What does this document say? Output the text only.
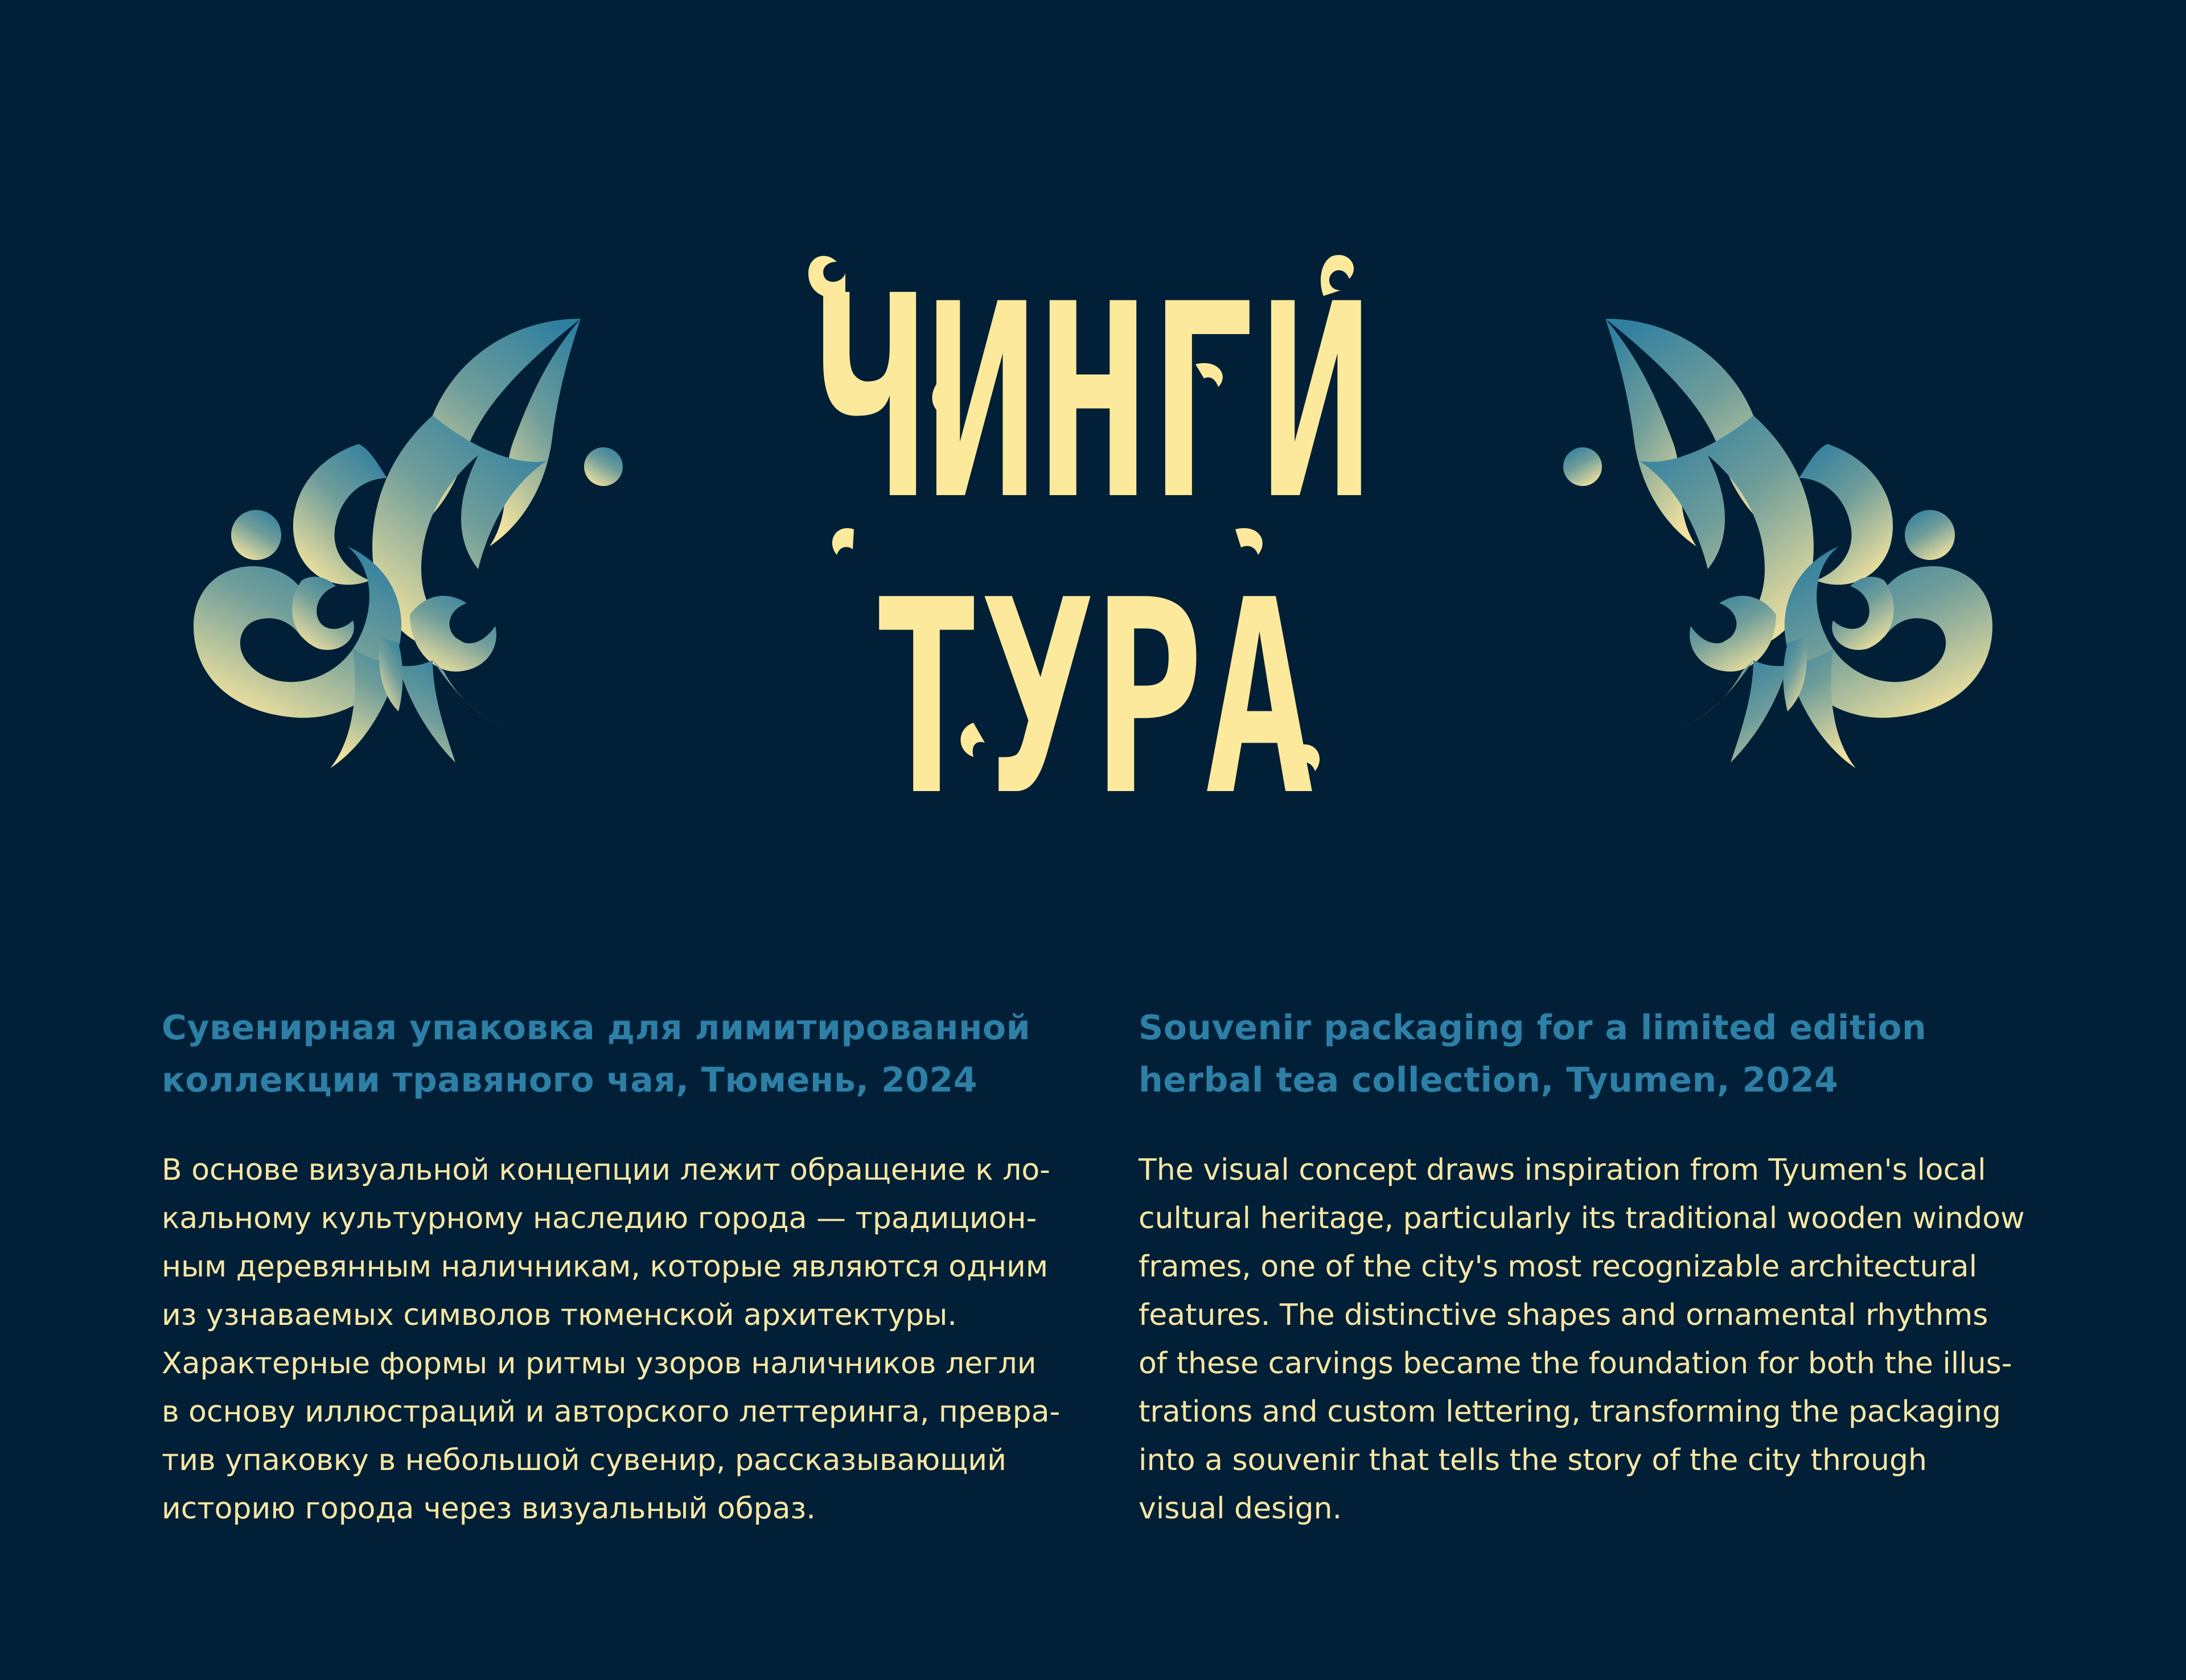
ЧИНГИ
ТУРА
Сувенирная упаковка для лимитированной
коллекции травяного чая, Тюмень, 2024

В основе визуальной концепции лежит обращение к ло-
кальному культурному наследию города — традицион-
ным деревянным наличникам, которые являются одним
из узнаваемых символов тюменской архитектуры.
Характерные формы и ритмы узоров наличников легли
в основу иллюстраций и авторского леттеринга, превра-
тив упаковку в небольшой сувенир, рассказывающий
историю города через визуальный образ.

Souvenir packaging for a limited edition
herbal tea collection, Tyumen, 2024

The visual concept draws inspiration from Tyumen's local
cultural heritage, particularly its traditional wooden window
frames, one of the city's most recognizable architectural
features. The distinctive shapes and ornamental rhythms
of these carvings became the foundation for both the illus-
trations and custom lettering, transforming the packaging
into a souvenir that tells the story of the city through
visual design.
